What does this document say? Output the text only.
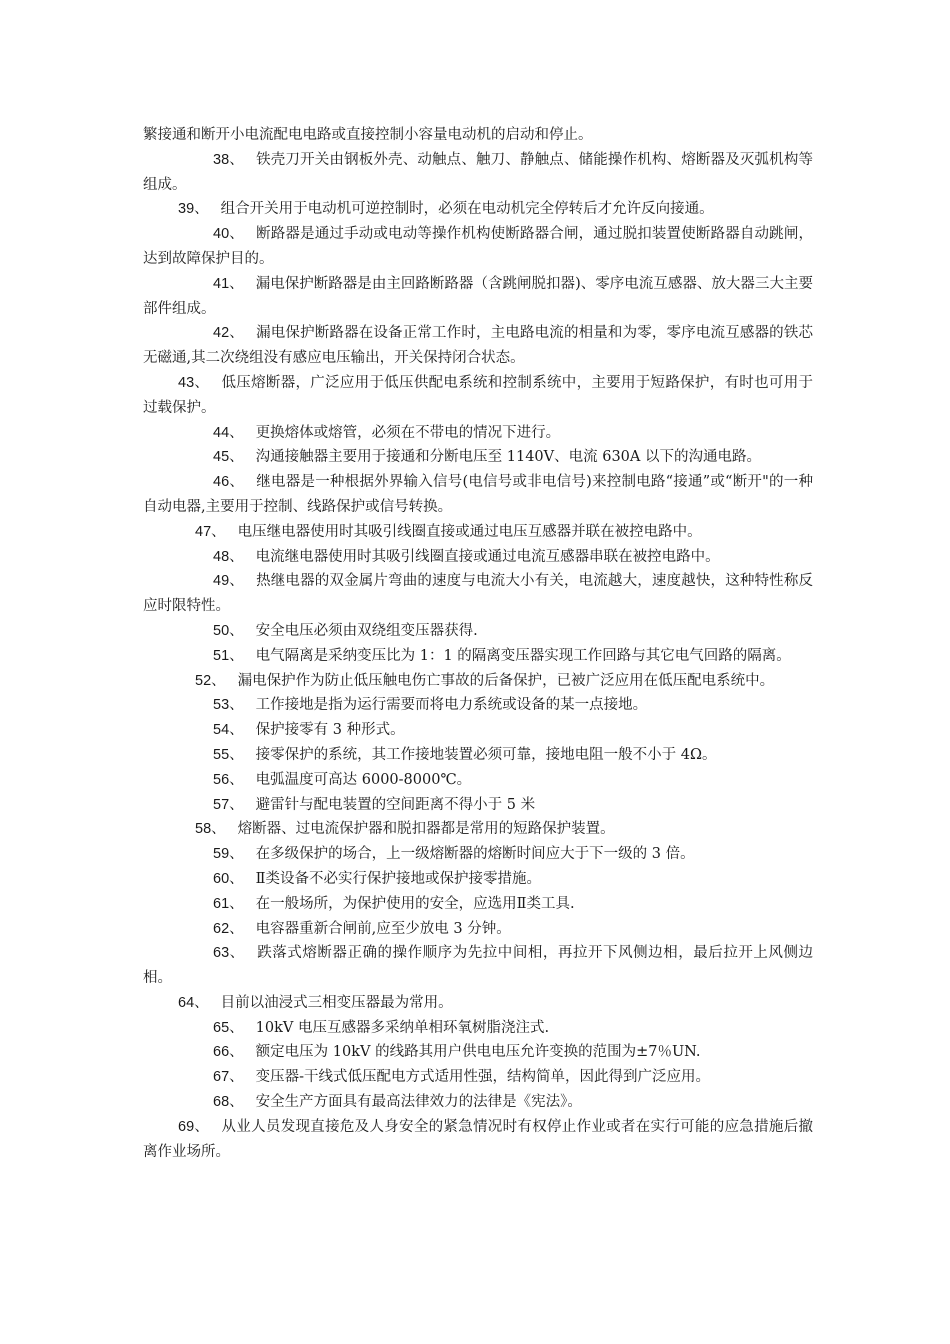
繁接通和断开小电流配电电路或直接控制小容量电动机的启动和停止。

38、 铁壳刀开关由钢板外壳、动触点、触刀、静触点、储能操作机构、熔断器及灭弧机构等组成。

39、 组合开关用于电动机可逆控制时，必须在电动机完全停转后才允许反向接通。

40、 断路器是通过手动或电动等操作机构使断路器合闸，通过脱扣装置使断路器自动跳闸，达到故障保护目的。

41、 漏电保护断路器是由主回路断路器（含跳闸脱扣器)、零序电流互感器、放大器三大主要部件组成。

42、 漏电保护断路器在设备正常工作时，主电路电流的相量和为零，零序电流互感器的铁芯无磁通,其二次绕组没有感应电压输出，开关保持闭合状态。

43、 低压熔断器，广泛应用于低压供配电系统和控制系统中，主要用于短路保护，有时也可用于过载保护。

44、 更换熔体或熔管，必须在不带电的情况下进行。

45、 沟通接触器主要用于接通和分断电压至 1140V、电流 630A 以下的沟通电路。

46、 继电器是一种根据外界输入信号(电信号或非电信号)来控制电路“接通”或“断开"的一种自动电器,主要用于控制、线路保护或信号转换。

47、 电压继电器使用时其吸引线圈直接或通过电压互感器并联在被控电路中。

48、 电流继电器使用时其吸引线圈直接或通过电流互感器串联在被控电路中。

49、 热继电器的双金属片弯曲的速度与电流大小有关，电流越大，速度越快，这种特性称反应时限特性。

50、 安全电压必须由双绕组变压器获得.

51、 电气隔离是采纳变压比为 1：1 的隔离变压器实现工作回路与其它电气回路的隔离。

52、 漏电保护作为防止低压触电伤亡事故的后备保护，已被广泛应用在低压配电系统中。

53、 工作接地是指为运行需要而将电力系统或设备的某一点接地。

54、 保护接零有 3 种形式。

55、 接零保护的系统，其工作接地装置必须可靠，接地电阻一般不小于 4Ω。

56、 电弧温度可高达 6000-8000℃。

57、 避雷针与配电装置的空间距离不得小于 5 米

58、 熔断器、过电流保护器和脱扣器都是常用的短路保护装置。

59、 在多级保护的场合，上一级熔断器的熔断时间应大于下一级的 3 倍。

60、 Ⅱ类设备不必实行保护接地或保护接零措施。

61、 在一般场所，为保护使用的安全，应选用Ⅱ类工具.

62、 电容器重新合闸前,应至少放电 3 分钟。

63、 跌落式熔断器正确的操作顺序为先拉中间相，再拉开下风侧边相，最后拉开上风侧边相。

64、 目前以油浸式三相变压器最为常用。

65、 10kV 电压互感器多采纳单相环氧树脂浇注式.

66、 额定电压为 10kV 的线路其用户供电电压允许变换的范围为±7％UN.

67、 变压器-干线式低压配电方式适用性强，结构简单，因此得到广泛应用。

68、 安全生产方面具有最高法律效力的法律是《宪法》。

69、 从业人员发现直接危及人身安全的紧急情况时有权停止作业或者在实行可能的应急措施后撤离作业场所。
